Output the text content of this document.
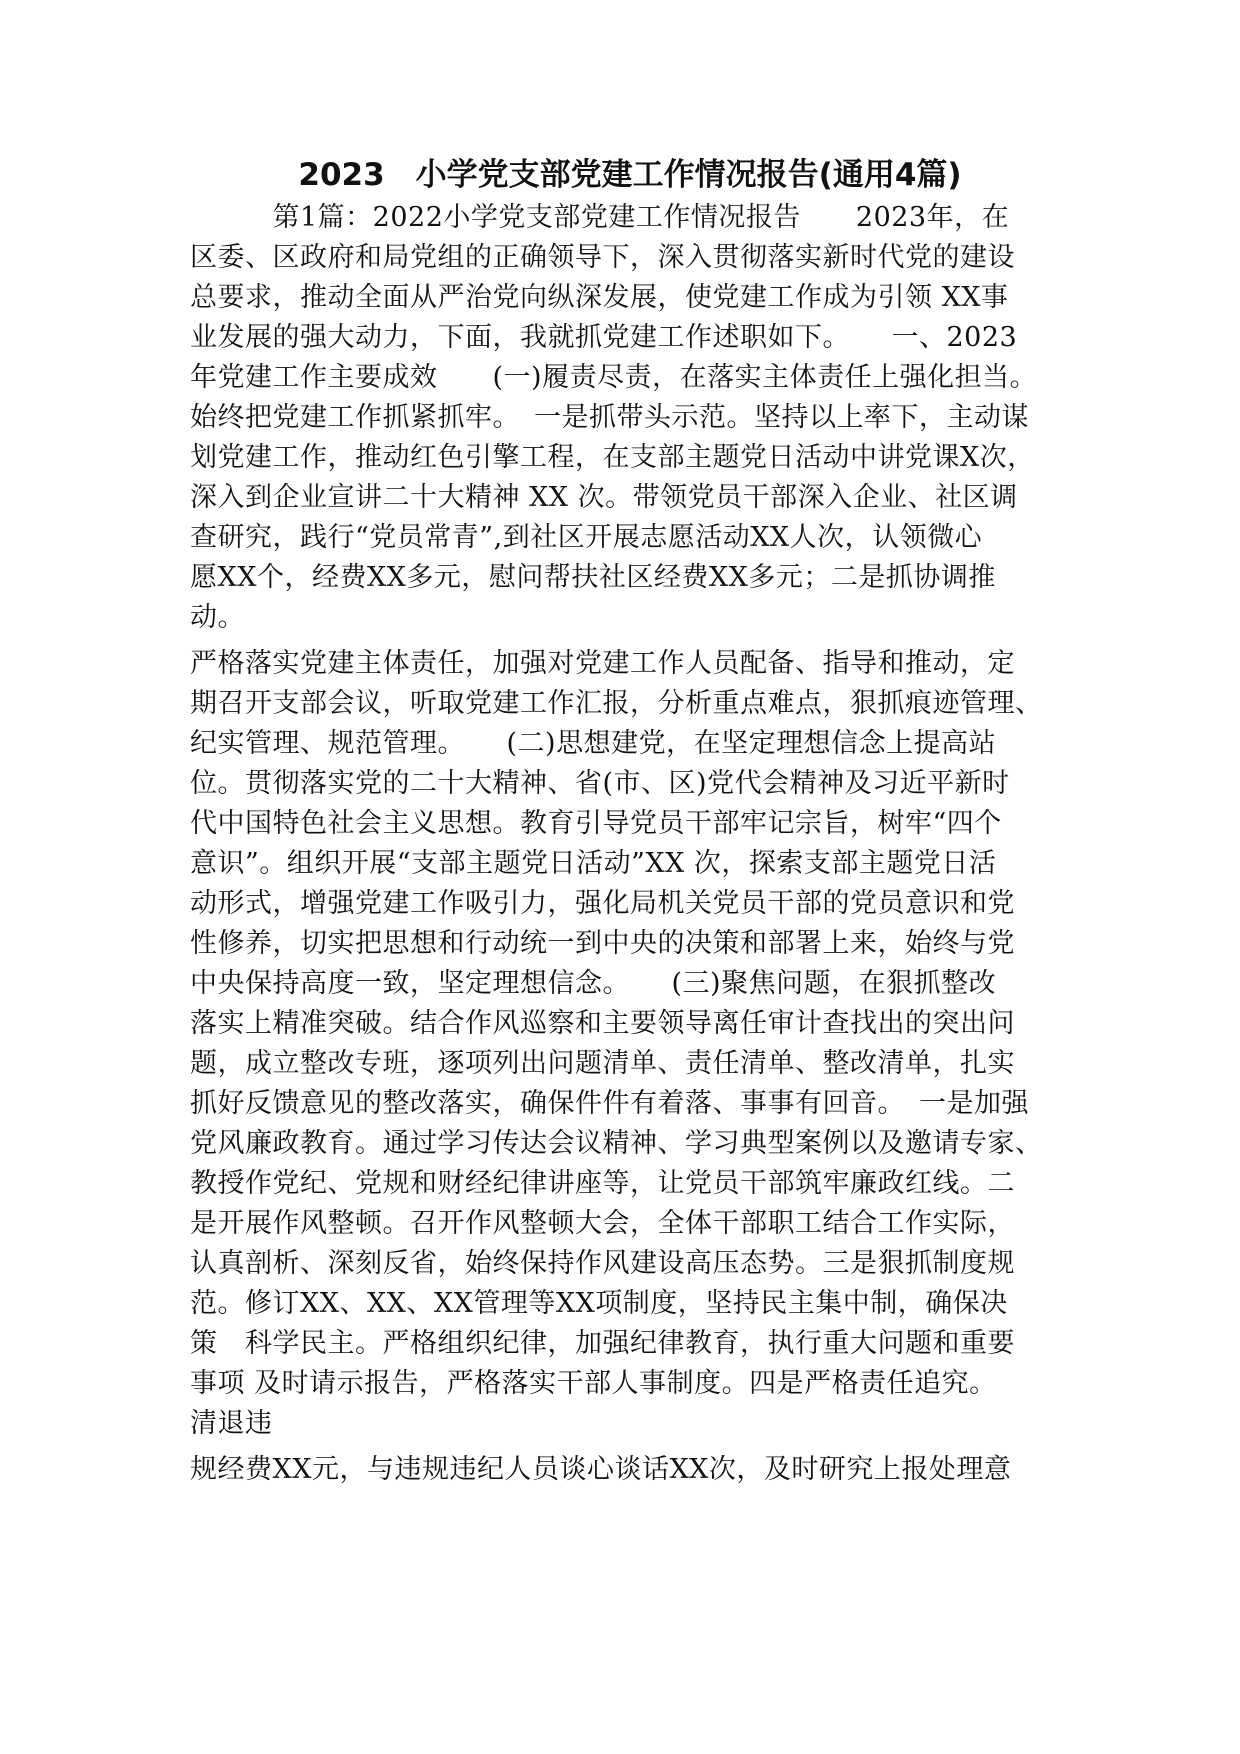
2023　小学党支部党建工作情况报告(通用4篇)
　　　第1篇：2022小学党支部党建工作情况报告　　2023年，在
区委、区政府和局党组的正确领导下，深入贯彻落实新时代党的建设
总要求，推动全面从严治党向纵深发展，使党建工作成为引领 XX事
业发展的强大动力，下面，我就抓党建工作述职如下。　　一、2023
年党建工作主要成效　　(一)履责尽责，在落实主体责任上强化担当。
始终把党建工作抓紧抓牢。　一是抓带头示范。坚持以上率下，主动谋
划党建工作，推动红色引擎工程，在支部主题党日活动中讲党课X次，
深入到企业宣讲二十大精神 XX 次。带领党员干部深入企业、社区调
查研究，践行“党员常青”,到社区开展志愿活动XX人次，认领微心
愿XX个，经费XX多元，慰问帮扶社区经费XX多元；二是抓协调推
动。
严格落实党建主体责任，加强对党建工作人员配备、指导和推动，定
期召开支部会议，听取党建工作汇报，分析重点难点，狠抓痕迹管理、
纪实管理、规范管理。　　(二)思想建党，在坚定理想信念上提高站
位。贯彻落实党的二十大精神、省(市、区)党代会精神及习近平新时
代中国特色社会主义思想。教育引导党员干部牢记宗旨，树牢“四个
意识”。组织开展“支部主题党日活动”XX 次，探索支部主题党日活
动形式，增强党建工作吸引力，强化局机关党员干部的党员意识和党
性修养，切实把思想和行动统一到中央的决策和部署上来，始终与党
中央保持高度一致，坚定理想信念。　　(三)聚焦问题，在狠抓整改
落实上精准突破。结合作风巡察和主要领导离任审计查找出的突出问
题，成立整改专班，逐项列出问题清单、责任清单、整改清单，扎实
抓好反馈意见的整改落实，确保件件有着落、事事有回音。　一是加强
党风廉政教育。通过学习传达会议精神、学习典型案例以及邀请专家、
教授作党纪、党规和财经纪律讲座等，让党员干部筑牢廉政红线。二
是开展作风整顿。召开作风整顿大会，全体干部职工结合工作实际，
认真剖析、深刻反省，始终保持作风建设高压态势。三是狠抓制度规
范。修订XX、XX、XX管理等XX项制度，坚持民主集中制，确保决
策　科学民主。严格组织纪律，加强纪律教育，执行重大问题和重要
事项 及时请示报告，严格落实干部人事制度。四是严格责任追究。
清退违
规经费XX元，与违规违纪人员谈心谈话XX次，及时研究上报处理意
